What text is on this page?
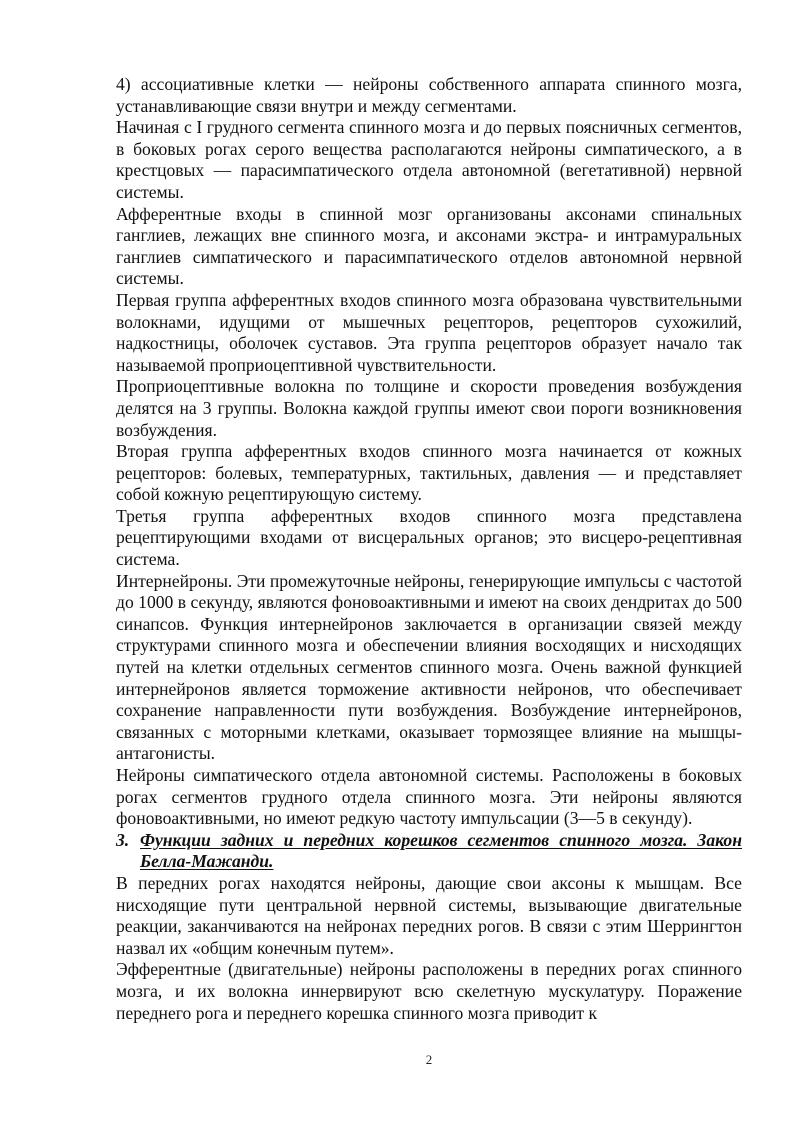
4) ассоциативные клетки — нейроны собственного аппарата спинного мозга, устанавливающие связи внутри и между сегментами.

Начиная с I грудного сегмента спинного мозга и до первых поясничных сегментов, в боковых рогах серого вещества располагаются нейроны симпатического, а в крестцовых — парасимпатического отдела автономной (вегетативной) нервной системы.

Афферентные входы в спинной мозг организованы аксонами спинальных ганглиев, лежащих вне спинного мозга, и аксонами экстра- и интрамуральных ганглиев симпатического и парасимпатического отделов автономной нервной системы.

Первая группа афферентных входов спинного мозга образована чувствительными волокнами, идущими от мышечных рецепторов, рецепторов сухожилий, надкостницы, оболочек суставов. Эта группа рецепторов образует начало так называемой проприоцептивной чувствительности.

Проприоцептивные волокна по толщине и скорости проведения возбуждения делятся на 3 группы. Волокна каждой группы имеют свои пороги возникновения возбуждения.

Вторая группа афферентных входов спинного мозга начинается от кожных рецепторов: болевых, температурных, тактильных, давления — и представляет собой кожную рецептирующую систему.

Третья группа афферентных входов спинного мозга представлена рецептирующими входами от висцеральных органов; это висцеро-рецептивная система.

Интернейроны. Эти промежуточные нейроны, генерирующие импульсы с частотой до 1000 в секунду, являются фоновоактивными и имеют на своих дендритах до 500 синапсов. Функция интернейронов заключается в организации связей между структурами спинного мозга и обеспечении влияния восходящих и нисходящих путей на клетки отдельных сегментов спинного мозга. Очень важной функцией интернейронов является торможение активности нейронов, что обеспечивает сохранение направленности пути возбуждения. Возбуждение интернейронов, связанных с моторными клетками, оказывает тормозящее влияние на мышцы-антагонисты.

Нейроны симпатического отдела автономной системы. Расположены в боковых рогах сегментов грудного отдела спинного мозга. Эти нейроны являются фоновоактивными, но имеют редкую частоту импульсации (3—5 в секунду).

3. Функции задних и передних корешков сегментов спинного мозга. Закон Белла-Мажанди.

В передних рогах находятся нейроны, дающие свои аксоны к мышцам. Все нисходящие пути центральной нервной системы, вызывающие двигательные реакции, заканчиваются на нейронах передних рогов. В связи с этим Шеррингтон назвал их «общим конечным путем».

Эфферентные (двигательные) нейроны расположены в передних рогах спинного мозга, и их волокна иннервируют всю скелетную мускулатуру. Поражение переднего рога и переднего корешка спинного мозга приводит к

2
